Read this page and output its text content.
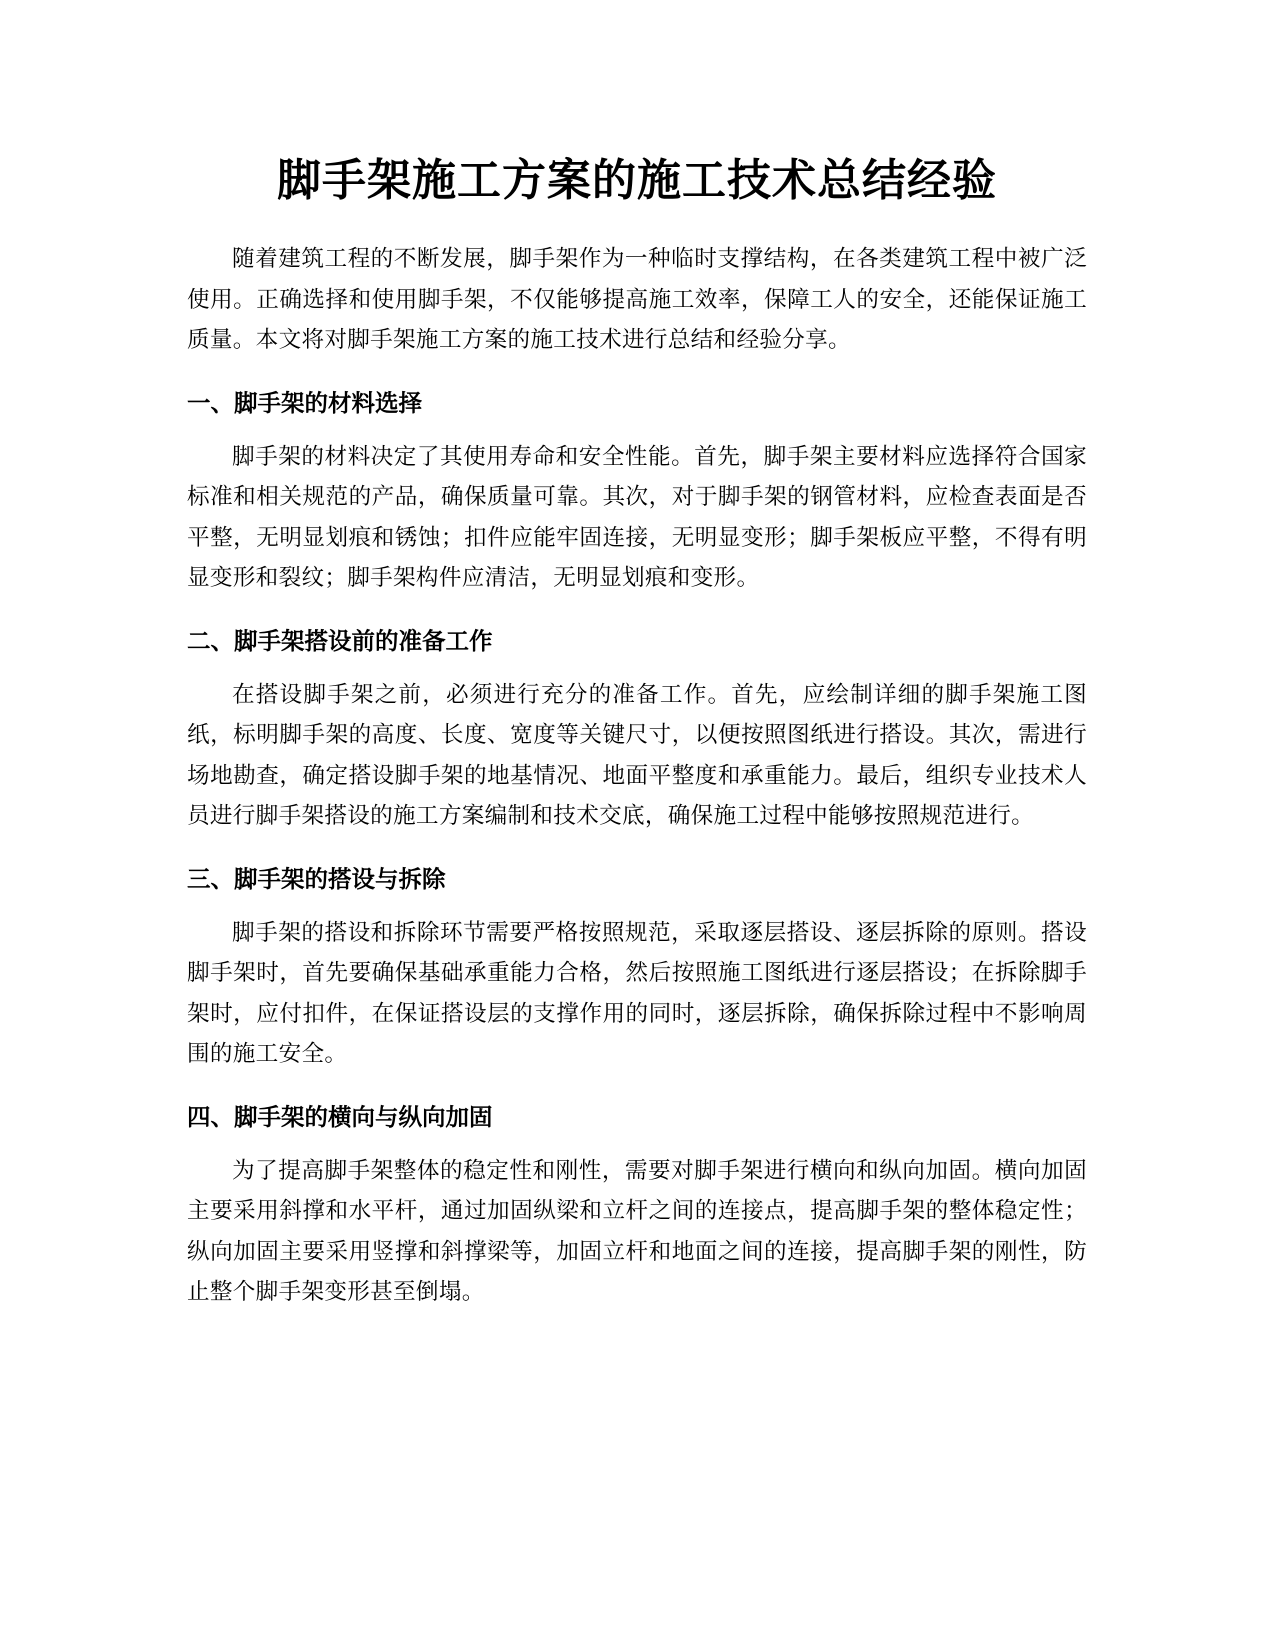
脚手架施工方案的施工技术总结经验

随着建筑工程的不断发展，脚手架作为一种临时支撑结构，在各类建筑工程中被广泛使用。正确选择和使用脚手架，不仅能够提高施工效率，保障工人的安全，还能保证施工质量。本文将对脚手架施工方案的施工技术进行总结和经验分享。

一、脚手架的材料选择

脚手架的材料决定了其使用寿命和安全性能。首先，脚手架主要材料应选择符合国家标准和相关规范的产品，确保质量可靠。其次，对于脚手架的钢管材料，应检查表面是否平整，无明显划痕和锈蚀；扣件应能牢固连接，无明显变形；脚手架板应平整，不得有明显变形和裂纹；脚手架构件应清洁，无明显划痕和变形。

二、脚手架搭设前的准备工作

在搭设脚手架之前，必须进行充分的准备工作。首先，应绘制详细的脚手架施工图纸，标明脚手架的高度、长度、宽度等关键尺寸，以便按照图纸进行搭设。其次，需进行场地勘查，确定搭设脚手架的地基情况、地面平整度和承重能力。最后，组织专业技术人员进行脚手架搭设的施工方案编制和技术交底，确保施工过程中能够按照规范进行。

三、脚手架的搭设与拆除

脚手架的搭设和拆除环节需要严格按照规范，采取逐层搭设、逐层拆除的原则。搭设脚手架时，首先要确保基础承重能力合格，然后按照施工图纸进行逐层搭设；在拆除脚手架时，应付扣件，在保证搭设层的支撑作用的同时，逐层拆除，确保拆除过程中不影响周围的施工安全。

四、脚手架的横向与纵向加固

为了提高脚手架整体的稳定性和刚性，需要对脚手架进行横向和纵向加固。横向加固主要采用斜撑和水平杆，通过加固纵梁和立杆之间的连接点，提高脚手架的整体稳定性；纵向加固主要采用竖撑和斜撑梁等，加固立杆和地面之间的连接，提高脚手架的刚性，防止整个脚手架变形甚至倒塌。
